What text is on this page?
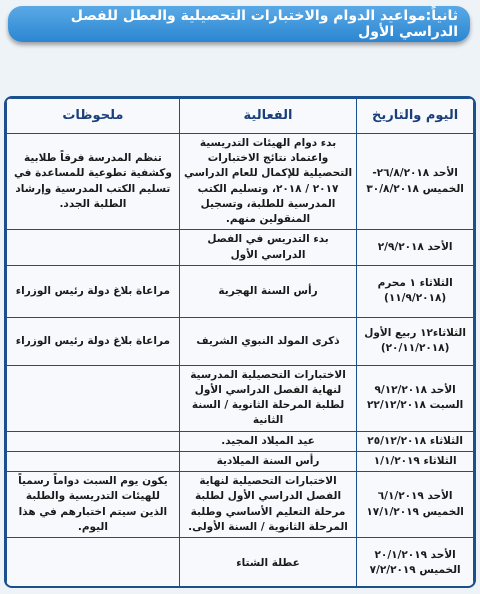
ثانياً:مواعيد الدوام والاختبارات التحصيلية والعطل للفصل الدراسي الأول
اليوم والتاريخ	الفعالية	ملحوظات
الأحد ٢٦/٨/٢٠١٨- الخميس ٣٠/٨/٢٠١٨	بدء دوام الهيئات التدريسية واعتماد نتائج الاختبارات التحصيلية للإكمال للعام الدراسي ٢٠١٧ / ٢٠١٨، وتسليم الكتب المدرسية للطلبة، وتسجيل المنقولين منهم.	تنظم المدرسة فرقاً طلابية وكشفية تطوعية للمساعدة في تسليم الكتب المدرسية وإرشاد الطلبة الجدد.
الأحد ٢/٩/٢٠١٨	بدء التدريس في الفصل الدراسي الأول	
الثلاثاء ١ محرم (١١/٩/٢٠١٨)	رأس السنة الهجرية	مراعاة بلاغ دولة رئيس الوزراء
الثلاثاء١٢ ربيع الأول (٢٠/١١/٢٠١٨)	ذكرى المولد النبوي الشريف	مراعاة بلاغ دولة رئيس الوزراء
الأحد ٩/١٢/٢٠١٨ السبت ٢٢/١٢/٢٠١٨	الاختبارات التحصيلية المدرسية لنهاية الفصل الدراسي الأول لطلبة المرحلة الثانوية / السنة الثانية	
الثلاثاء ٢٥/١٢/٢٠١٨	عيد الميلاد المجيد.	
الثلاثاء ١/١/٢٠١٩	رأس السنة الميلادية	
الأحد ٦/١/٢٠١٩ الخميس ١٧/١/٢٠١٩	الاختبارات التحصيلية لنهاية الفصل الدراسي الأول لطلبة مرحلة التعليم الأساسي وطلبة المرحلة الثانوية / السنة الأولى.	يكون يوم السبت دواماً رسمياً للهيئات التدريسية والطلبة الذين سيتم اختبارهم في هذا اليوم.
الأحد ٢٠/١/٢٠١٩ الخميس ٧/٢/٢٠١٩	عطلة الشتاء	
